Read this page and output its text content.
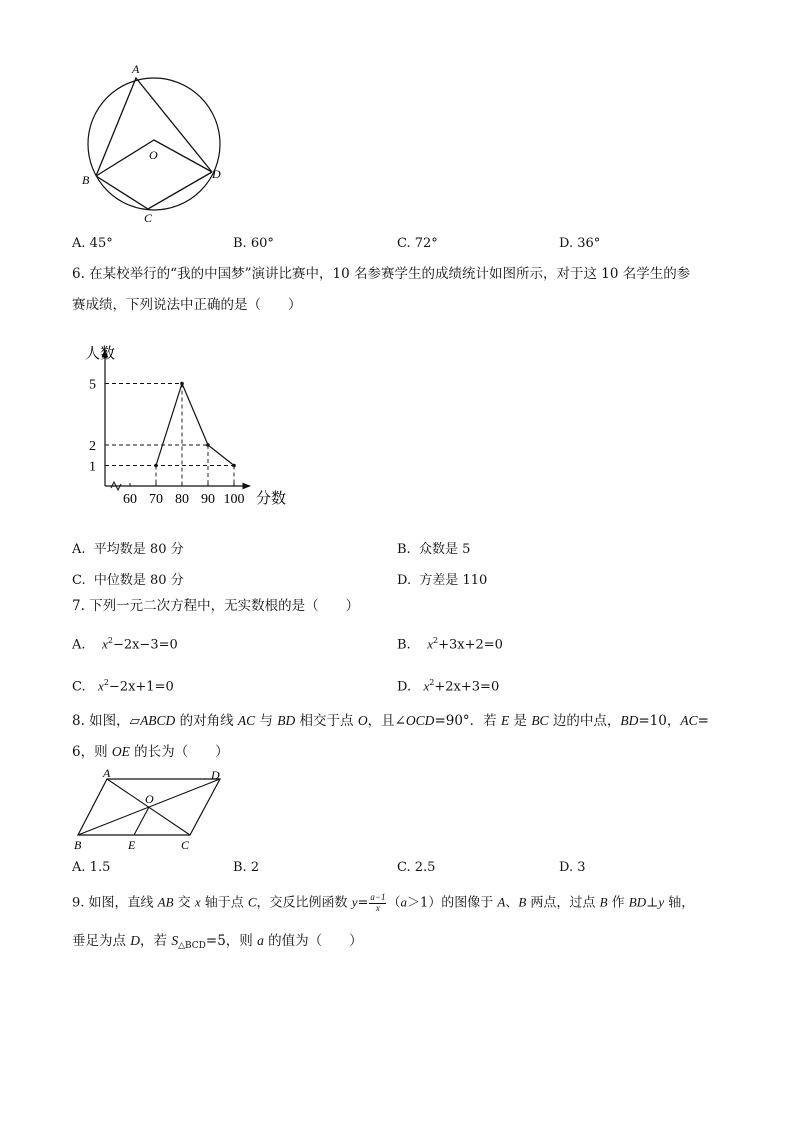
A
O
B	D
C
A. 45°	B. 60°	C. 72°	D. 36°
6. 在某校举行的“我的中国梦”演讲比赛中，10 名参赛学生的成绩统计如图所示，对于这 10 名学生的参
赛成绩，下列说法中正确的是（　　）
60 70 80 90 100
1
2
5
人数
分数
A. 平均数是 80 分	B. 众数是 5
C. 中位数是 80 分	D. 方差是 110
7. 下列一元二次方程中，无实数根的是（　　）
A. $x^2-2x-3=0$	B. $x^2+3x+2=0$
C. $x^2-2x+1=0$	D. $x^2+2x+3=0$
8. 如图，▱ABCD 的对角线 AC 与 BD 相交于点 O，且∠OCD=90°．若 E 是 BC 边的中点，BD=10，AC=
6，则 OE 的长为（　　）
A	D
O
B	E	C
A. 1.5	B. 2	C. 2.5	D. 3
9. 如图，直线 AB 交 x 轴于点 C，交反比例函数 $y= \frac{a-1}{x} (a>1)$的图像于 A、B 两点，过点 B 作 BD⊥y 轴，
垂足为点 D，若 $S_{\triangle BCD}=5$，则 a 的值为（　　）
